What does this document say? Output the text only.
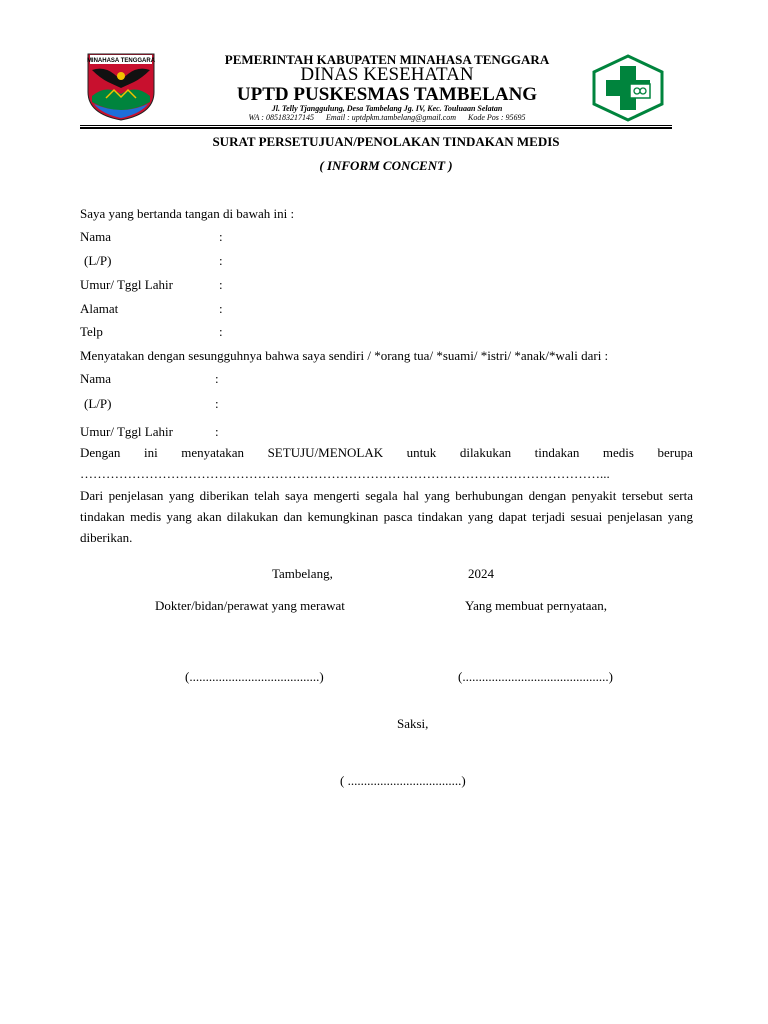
MINAHASA TENGGARA	PEMERINTAH KABUPATEN MINAHASA TENGGARA
DINAS KESEHATAN
UPTD PUSKESMAS TAMBELANG
Jl. Telly Tjanggulung, Desa Tambelang Jg. IV, Kec. Touluaan Selatan
WA : 085183217145 Email : uptdpkm.tambelang@gmail.com Kode Pos : 95695
SURAT PERSETUJUAN/PENOLAKAN TINDAKAN MEDIS
( INFORM CONCENT )
Saya yang bertanda tangan di bawah ini :
Nama	:
(L/P)	:
Umur/ Tggl Lahir	:
Alamat	:
Telp	:
Menyatakan dengan sesungguhnya bahwa saya sendiri / *orang tua/ *suami/ *istri/ *anak/*wali dari :
Nama	:
(L/P)	:
Umur/ Tggl Lahir	:
Dengan ini menyatakan SETUJU/MENOLAK untuk dilakukan tindakan medis berupa
…………………………………………………………………………………………………………...
Dari penjelasan yang diberikan telah saya mengerti segala hal yang berhubungan dengan penyakit tersebut serta tindakan medis yang akan dilakukan dan kemungkinan pasca tindakan yang dapat terjadi sesuai penjelasan yang diberikan.
Tambelang,	2024
Dokter/bidan/perawat yang merawat	Yang membuat pernyataan,
(........................................)	(.............................................)
Saksi,
( ...................................)
